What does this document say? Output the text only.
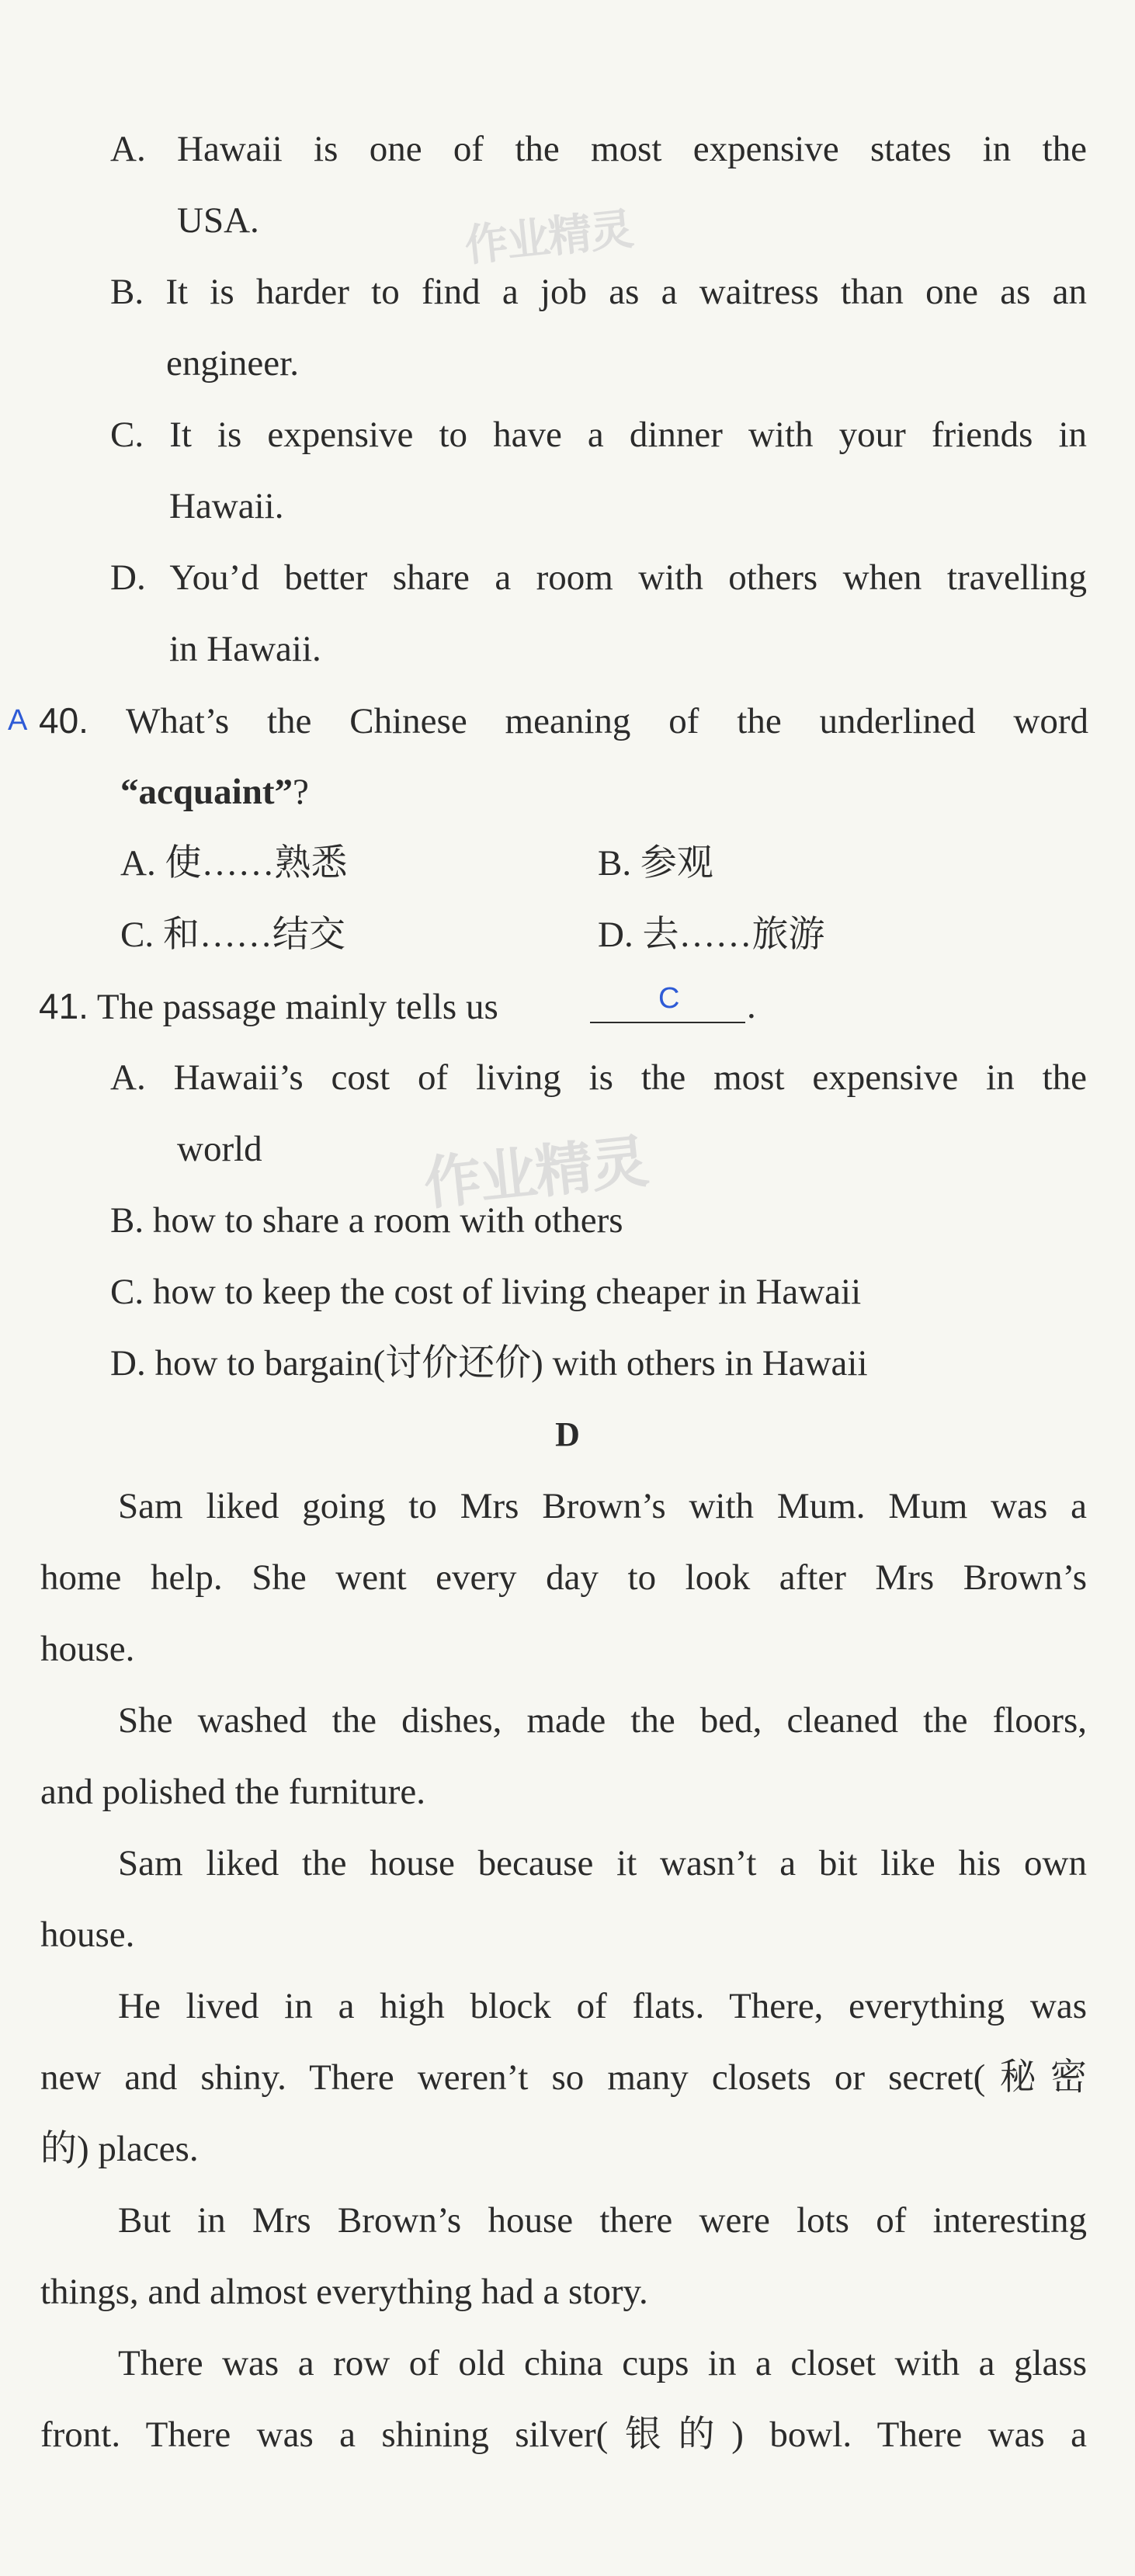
作业精灵
作业精灵
A. Hawaii is one of the most expensive states in the
USA.
B. It is harder to find a job as a waitress than one as an
engineer.
C. It is expensive to have a dinner with your friends in
Hawaii.
D. You’d better share a room with others when travelling
in Hawaii.
A 40. What’s the Chinese meaning of the underlined word
“acquaint”?
A. 使……熟悉	B. 参观
C. 和……结交	D. 去……旅游
41. The passage mainly tells us	C .
A. Hawaii’s cost of living is the most expensive in the
world
B. how to share a room with others
C. how to keep the cost of living cheaper in Hawaii
D. how to bargain(讨价还价) with others in Hawaii
D
Sam liked going to Mrs Brown’s with Mum. Mum was a
home help. She went every day to look after Mrs Brown’s
house.
She washed the dishes, made the bed, cleaned the floors,
and polished the furniture.
Sam liked the house because it wasn’t a bit like his own
house.
He lived in a high block of flats. There, everything was
new and shiny. There weren’t so many closets or secret(秘密
的) places.
But in Mrs Brown’s house there were lots of interesting
things, and almost everything had a story.
There was a row of old china cups in a closet with a glass
front. There was a shining silver(银的) bowl. There was a
